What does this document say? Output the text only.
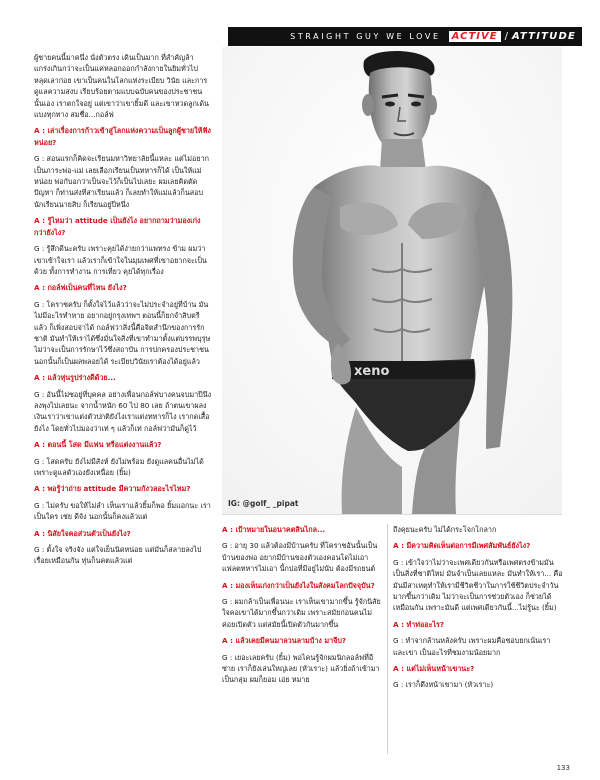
STRAIGHT GUY WE LOVE	ACTIVE / ATTITUDE
xeno
IG: @golf_ _pipat

ผู้ชายคนนี้มาคนึ่ง นั่งตัวตรง เดินเป็นมาก ที่สำคัญล้า แกร่งเกินกว่าจะเป็นแค่หลอกออกกำลังกายในยิมทั่วไป หลุดเลาก่อย เขาเป็นคนในโลกแห่งระเบียบ วินัย และการดูแลความสงบ เรียบร้อยตามแบบฉบับคนของประชาชนนั้นเอง เราตกใจอยู่ แต่เขาว่าเขายิ้มดี และเขาหวดลูกเด้นแบงทุกทาง สมชื่อ...กอล์ฟ

A : เล่าเรื่องการก้าวเข้าสู่โลกแห่งความเป็นลูกผู้ชายให้ฟังหน่อย?

G : สอนแรกก็คิดจะเรียนมหาวิทยาลัยนี้แหละ แต่ไม่อยากเป็นภาระพ่อ-แม่ เลยเลือกเรียนเป็นทหารก็ได้ เป็นให้แม่หน่อย พ่อกับอกว่าเป็นจะไว้ก็เป็นไปเลยะ ผมเลยคิดตัดปัญหา ก็ท่านส่งที่สาเรียนแล้ว ก็เลยทำให้แม่แล้วก็นสอบนักเรียนนายสิบ ก็เรียนอยู่ปีหนึ่ง

A : รู้ไหมว่า attitude เป็นยังไง อยากถามว่ามองเก่งกว่ายังไง?

G : รู้สึกดีนะครับ เพราะคุยได้ง่ายกว่าแพทรง ข้าม ผมว่าเขาเข้าใจเรา แล้วเราก็เข้าใจในมุมเพศที่เขาอยากจะเป็นด้วย ทั้งการทำงาน การเที่ยว คุยได้ทุกเรื่อง

A : กอล์ฟเป็นคนที่ไหน ยังไง?

G : โคราชครับ ก็ตั้งใจไว้แล้วว่าจะไม่ประจำอยู่ที่บ้าน มันไม่มีอะไรทำหาย อยากอยู่กรุงเทพฯ ตอนนี้ก็ยกจำสิบตรีแล้ว ก็เพิ่งสอบจ่าได้ กอล์ฟว่าสิ่งนี้คือจิตสำนึกของการรักชาติ มันทำให้เราได้ซึ่งมั่นใจสิ่งที่เขาทำมาตั้งแต่บรรพบุรุษ ไม่ว่าจะเป็นการรักษาไว้ซึ่งสถาบัน การปกครองประชาชน นอกนั้นก็เป็นผลพลอยได้ ระเบียบวินัยเราต้องได้อยู่แล้ว

A : แล้วหุ่นรูปร่างดีด้วย...

G : อันนี้ไม่ซอยู่ที่บุคคล อย่างเพื่อนกอล์ฟบางคนจบมาปีนึงลงพุงไปเลยนะ จากน้ำหนัก 60 ไป 80 เลย ถ้าตนเขาผลงเงินเราว่าเขาแต่งตัวปกติยังไงเราแต่งทหารก็ไง เรากดเสื้อยังไง โดยทั่วไปมองว่าเท่ ๆ แล้วก็เท่ กอล์ฟว่ามันก็ดูไว้

A : ตอนนี้ โสด มีแฟน หรือแต่งงานแล้ว?

G : โสดครับ ยังไม่มีสังห์ ยังไม่พร้อม ยังดูแลคนอื่นไม่ได้ เพราะดูแลตัวเองยังเหนื่อย (ยิ้ม)

A : พอรู้ว่าถ่าย attitude มีความกังวลอะไรไหม?

G : ไม่ครับ ขอให้ไม่ลำ เห็นเราแล้วยิ้มก็พอ ยิ้มแอกนะ เราเป็นใคร เช่ย ดีจัง นอกนั้นก็คงแล้วแต่

A : นิสัยใจคอส่วนตัวเป็นยังไง?

G : ตั้งใจ จริงจัง แต่ใจเย็นนิดหน่อย แต่มันก็สลายลงไปเรื่อยเหมือนกัน หุ่นก็นคตแล้วแต่

A : เป้าหมายในอนาคตสินไกล...

G : อายุ 30 แล้วต้องมีบ้านครับ ที่โคราชอันนั้นเป็นบ้านของพ่อ อยากมีบ้านของตัวเองคอนโดไม่เอา แฟลตทหารไม่เอา นี้กปอที่มีอยู่ไม่นับ ต้องมีรถยนต์

A : มองเห็นเก่งกว่าเป็นยังไงในสังคมโลกปัจจุบัน?

G : ผมกล้าเป็นเพื่อนนะ เราเห็นเขามากขึ้น รู้จักนิสัยใจคอเขาได้มากขึ้นกว่าเดิม เพราะสมัยก่อนคนไม่ค่อยเปิดตัว แต่สมัยนี้เปิดตัวกันมากขึ้น

A : แล้วเคยมีคนมาลวนลามบ้าง มาจีบ?

G : เยอะเลยครับ (ยิ้ม) พอไคนรู้จักผมนิกลอล์ฟที่อีซ่าย เราก็ยังเล่นใหญ่เลย (หัวเราะ) แล้วยิ่งถ้าเข้ามาเป็นกลุ่ม ผมก็ยอม เอ่ย หมาย

ถึงคุยนะครับ ไม่ได้กระโจกโกลาก

A : มีความคิดเห็นต่อการมีเพศสัมพันธ์ยังไง?

G : เข้าใจว่าไม่ว่าจะเพศเดียวกันหรือเพศตรงข้ามมันเป็นสิ่งที่ชาติใหม่ มันจำเป็นเลยแหละ มันทำให้เรา... คือมันมีสาเหตุทำให้เรามีชีวิตชีวาในการใช้ชีวิตประจำวันมากขึ้นกว่าเดิม ไม่ว่าจะเป็นการช่วยตัวเอง ก็ช่วยได้เหมือนกัน เพราะมันดี แต่เพศเดียวกันนี้...ไม่รู้นะ (ยิ้ม)

A : ทำท่ออะไร?

G : ทำจากล้านหลังครับ เพราะผมคือชอบยกเน้นเราและเขา เป็นอะไรที่ชมงามน้อยมาก

A : แต่ไม่เห็นหน้าเขานะ?

G : เราก็ดึงหน้าเขามา (หัวเราะ)

133
